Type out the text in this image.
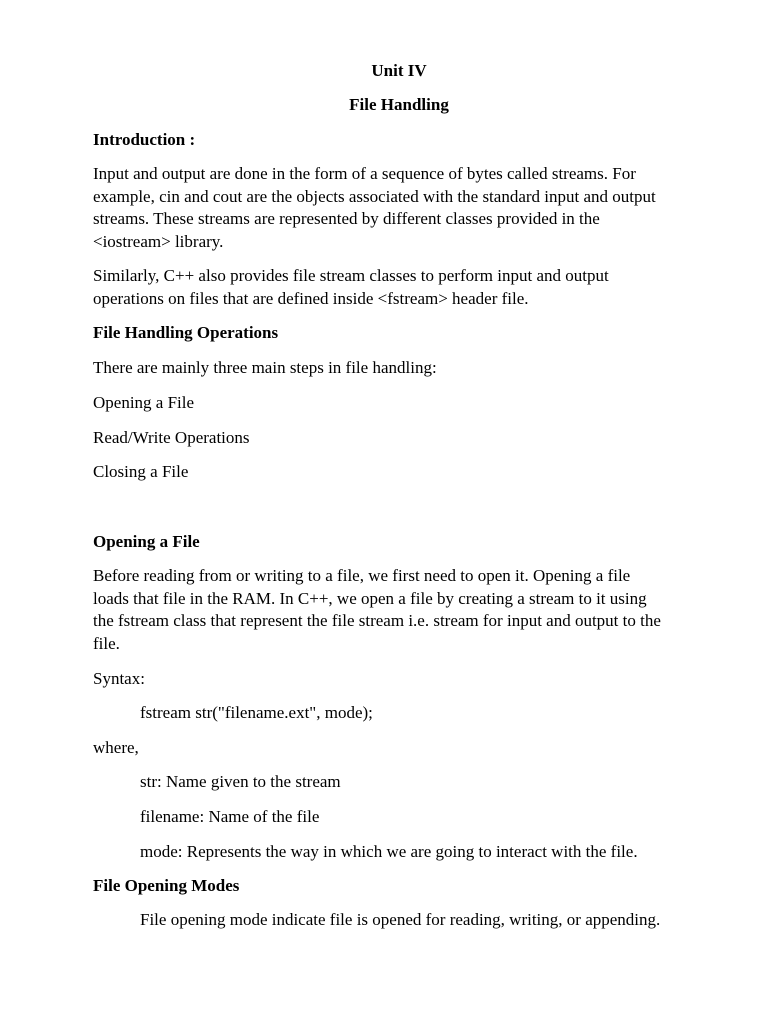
Unit IV
File Handling
Introduction :
Input and output are done in the form of a sequence of bytes called streams. For
example, cin and cout are the objects associated with the standard input and output
streams. These streams are represented by different classes provided in the
<iostream> library.
Similarly, C++ also provides file stream classes to perform input and output
operations on files that are defined inside <fstream> header file.
File Handling Operations
There are mainly three main steps in file handling:
Opening a File
Read/Write Operations
Closing a File
Opening a File
Before reading from or writing to a file, we first need to open it. Opening a file
loads that file in the RAM. In C++, we open a file by creating a stream to it using
the fstream class that represent the file stream i.e. stream for input and output to the
file.
Syntax:
fstream str("filename.ext", mode);
where,
str: Name given to the stream
filename: Name of the file
mode: Represents the way in which we are going to interact with the file.
File Opening Modes
File opening mode indicate file is opened for reading, writing, or appending.
